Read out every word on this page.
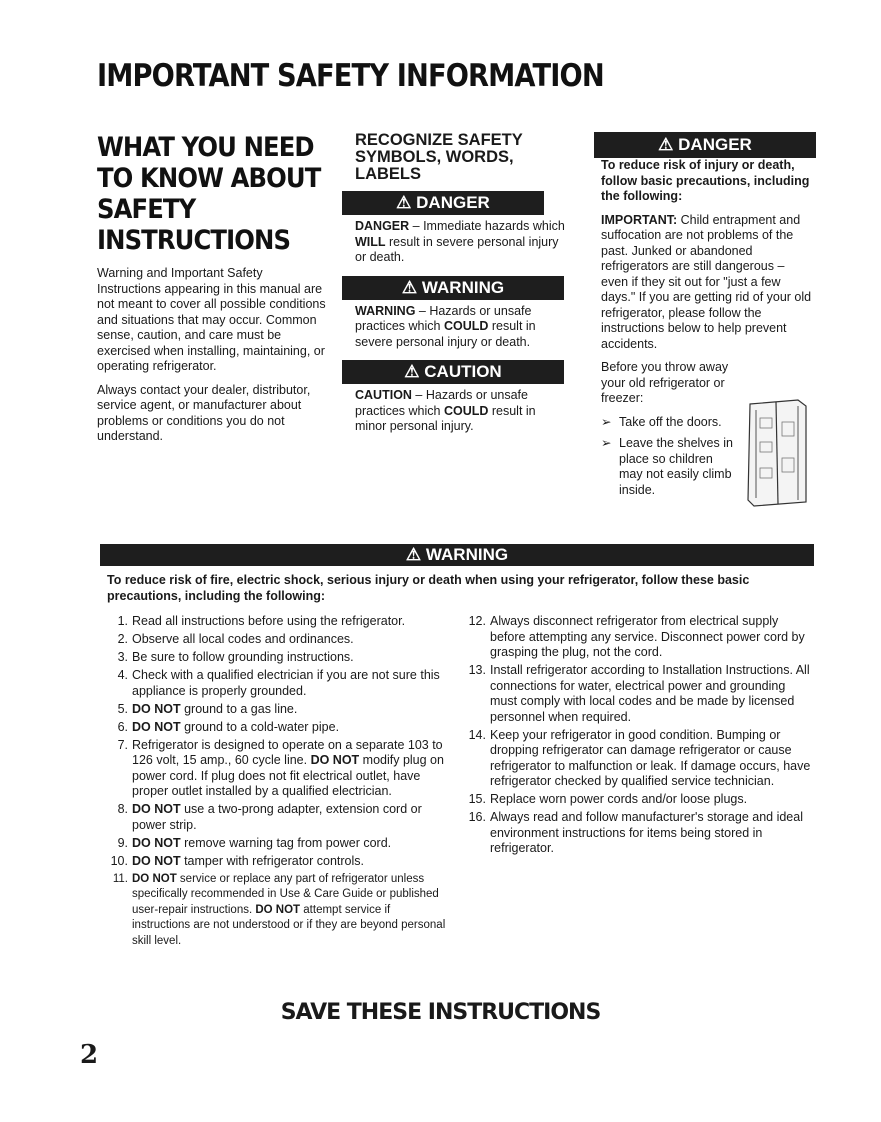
IMPORTANT SAFETY INFORMATION
WHAT YOU NEED TO KNOW ABOUT SAFETY INSTRUCTIONS

Warning and Important Safety Instructions appearing in this manual are not meant to cover all possible conditions and situations that may occur. Common sense, caution, and care must be exercised when installing, maintaining, or operating refrigerator.

Always contact your dealer, distributor, service agent, or manufacturer about problems or conditions you do not understand.

RECOGNIZE SAFETY SYMBOLS, WORDS, LABELS
⚠ DANGER

DANGER – Immediate hazards which WILL result in severe personal injury or death.

⚠ WARNING

WARNING – Hazards or unsafe practices which COULD result in severe personal injury or death.

⚠ CAUTION

CAUTION – Hazards or unsafe practices which COULD result in minor personal injury.

⚠ DANGER

To reduce risk of injury or death, follow basic precautions, including the following:

IMPORTANT: Child entrapment and suffocation are not problems of the past. Junked or abandoned refrigerators are still dangerous – even if they sit out for "just a few days." If you are getting rid of your old refrigerator, please follow the instructions below to help prevent accidents.

Before you throw away your old refrigerator or freezer:

➢ Take off the doors.
➢ Leave the shelves in place so children may not easily climb inside.
⚠ WARNING

To reduce risk of fire, electric shock, serious injury or death when using your refrigerator, follow these basic precautions, including the following:

1. Read all instructions before using the refrigerator.
2. Observe all local codes and ordinances.
3. Be sure to follow grounding instructions.
4. Check with a qualified electrician if you are not sure this appliance is properly grounded.
5. DO NOT ground to a gas line.
6. DO NOT ground to a cold-water pipe.
7. Refrigerator is designed to operate on a separate 103 to 126 volt, 15 amp., 60 cycle line. DO NOT modify plug on power cord. If plug does not fit electrical outlet, have proper outlet installed by a qualified electrician.
8. DO NOT use a two-prong adapter, extension cord or power strip.
9. DO NOT remove warning tag from power cord.
10. DO NOT tamper with refrigerator controls.
11. DO NOT service or replace any part of refrigerator unless specifically recommended in Use & Care Guide or published user-repair instructions. DO NOT attempt service if instructions are not understood or if they are beyond personal skill level.
12. Always disconnect refrigerator from electrical supply before attempting any service. Disconnect power cord by grasping the plug, not the cord.
13. Install refrigerator according to Installation Instructions. All connections for water, electrical power and grounding must comply with local codes and be made by licensed personnel when required.
14. Keep your refrigerator in good condition. Bumping or dropping refrigerator can damage refrigerator or cause refrigerator to malfunction or leak. If damage occurs, have refrigerator checked by qualified service technician.
15. Replace worn power cords and/or loose plugs.
16. Always read and follow manufacturer's storage and ideal environment instructions for items being stored in refrigerator.
SAVE THESE INSTRUCTIONS
2
